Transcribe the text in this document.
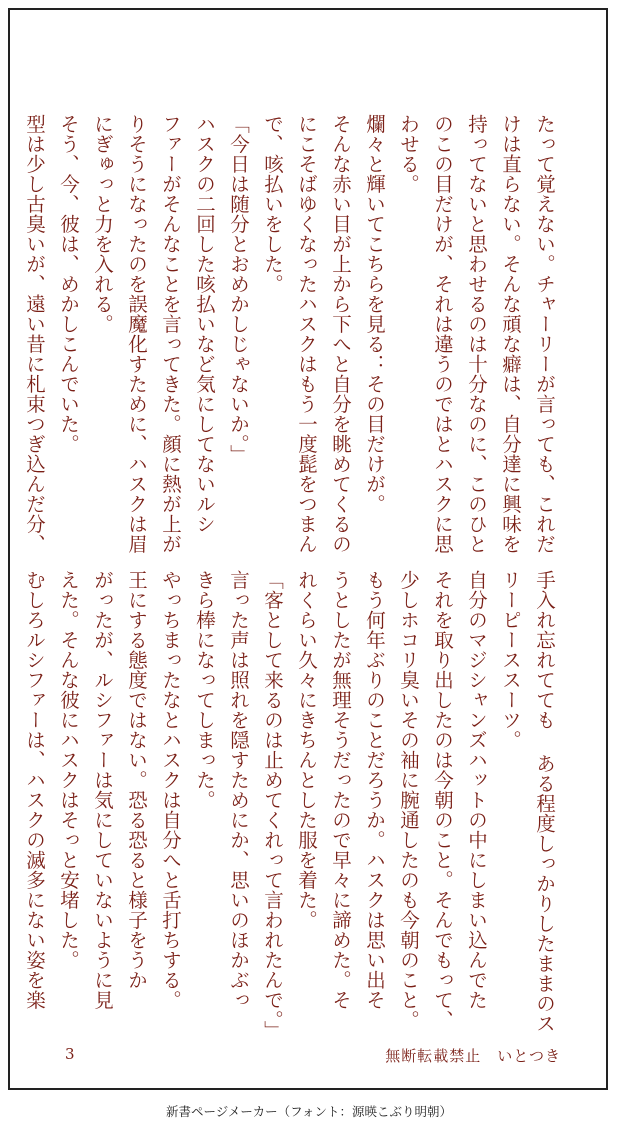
たって覚えない。チャーリーが言っても、これだ

けは直らない。そんな頑な癖は、自分達に興味を

持ってないと思わせるのは十分なのに、このひと

のこの目だけが、それは違うのではとハスクに思

わせる。

爛々と輝いてこちらを見る：その目だけが。

そんな赤い目が上から下へと自分を眺めてくるの

にこそばゆくなったハスクはもう一度髭をつまん

で、咳払いをした。

「今日は随分とおめかしじゃないか。」

ハスクの二回した咳払いなど気にしてないルシ

ファーがそんなことを言ってきた。顔に熱が上が

りそうになったのを誤魔化すために、ハスクは眉

にぎゅっと力を入れる。

そう、今、彼は、めかしこんでいた。

型は少し古臭いが、遠い昔に札束つぎ込んだ分、

手入れ忘れてても ある程度しっかりしたままのス

リーピーススーツ。

自分のマジシャンズハットの中にしまい込んでた

それを取り出したのは今朝のこと。そんでもって、

少しホコリ臭いその袖に腕通したのも今朝のこと。

もう何年ぶりのことだろうか。ハスクは思い出そ

うとしたが無理そうだったので早々に諦めた。そ

れくらい久々にきちんとした服を着た。

「客として来るのは止めてくれって言われたんで。」

言った声は照れを隠すためにか、思いのほかぶっ

きら棒になってしまった。

やっちまったなとハスクは自分へと舌打ちする。

王にする態度ではない。恐る恐ると様子をうか

がったが、ルシファーは気にしていないように見

えた。そんな彼にハスクはそっと安堵した。

むしろルシファーは、ハスクの滅多にない姿を楽

3	無断転載禁止　いとつき
新書ページメーカー（フォント：源暎こぶり明朝）
